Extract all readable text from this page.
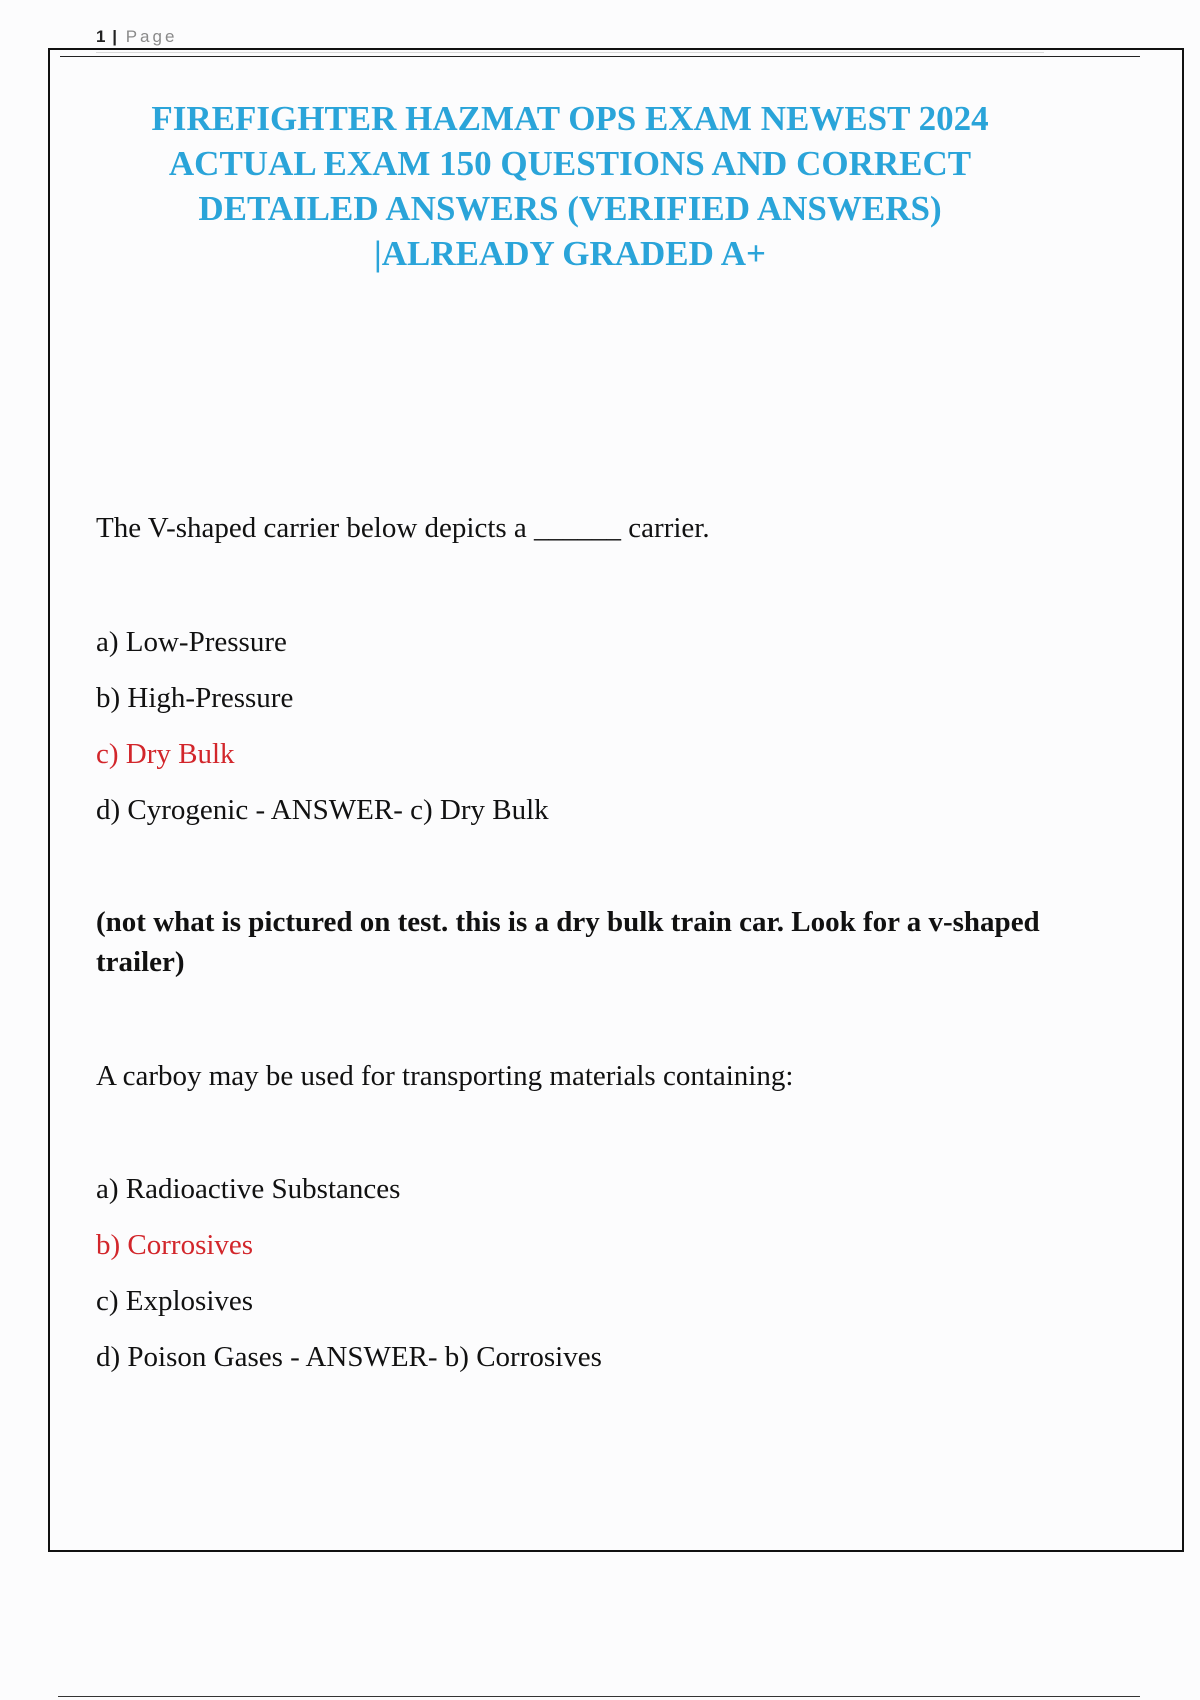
1 | Page
FIREFIGHTER HAZMAT OPS EXAM NEWEST 2024
ACTUAL EXAM 150 QUESTIONS AND CORRECT
DETAILED ANSWERS (VERIFIED ANSWERS)
|ALREADY GRADED A+

The V-shaped carrier below depicts a ______ carrier.

a) Low-Pressure

b) High-Pressure

c) Dry Bulk

d) Cyrogenic - ANSWER- c) Dry Bulk

(not what is pictured on test. this is a dry bulk train car. Look for a v-shaped trailer)

A carboy may be used for transporting materials containing:

a) Radioactive Substances

b) Corrosives

c) Explosives

d) Poison Gases - ANSWER- b) Corrosives
